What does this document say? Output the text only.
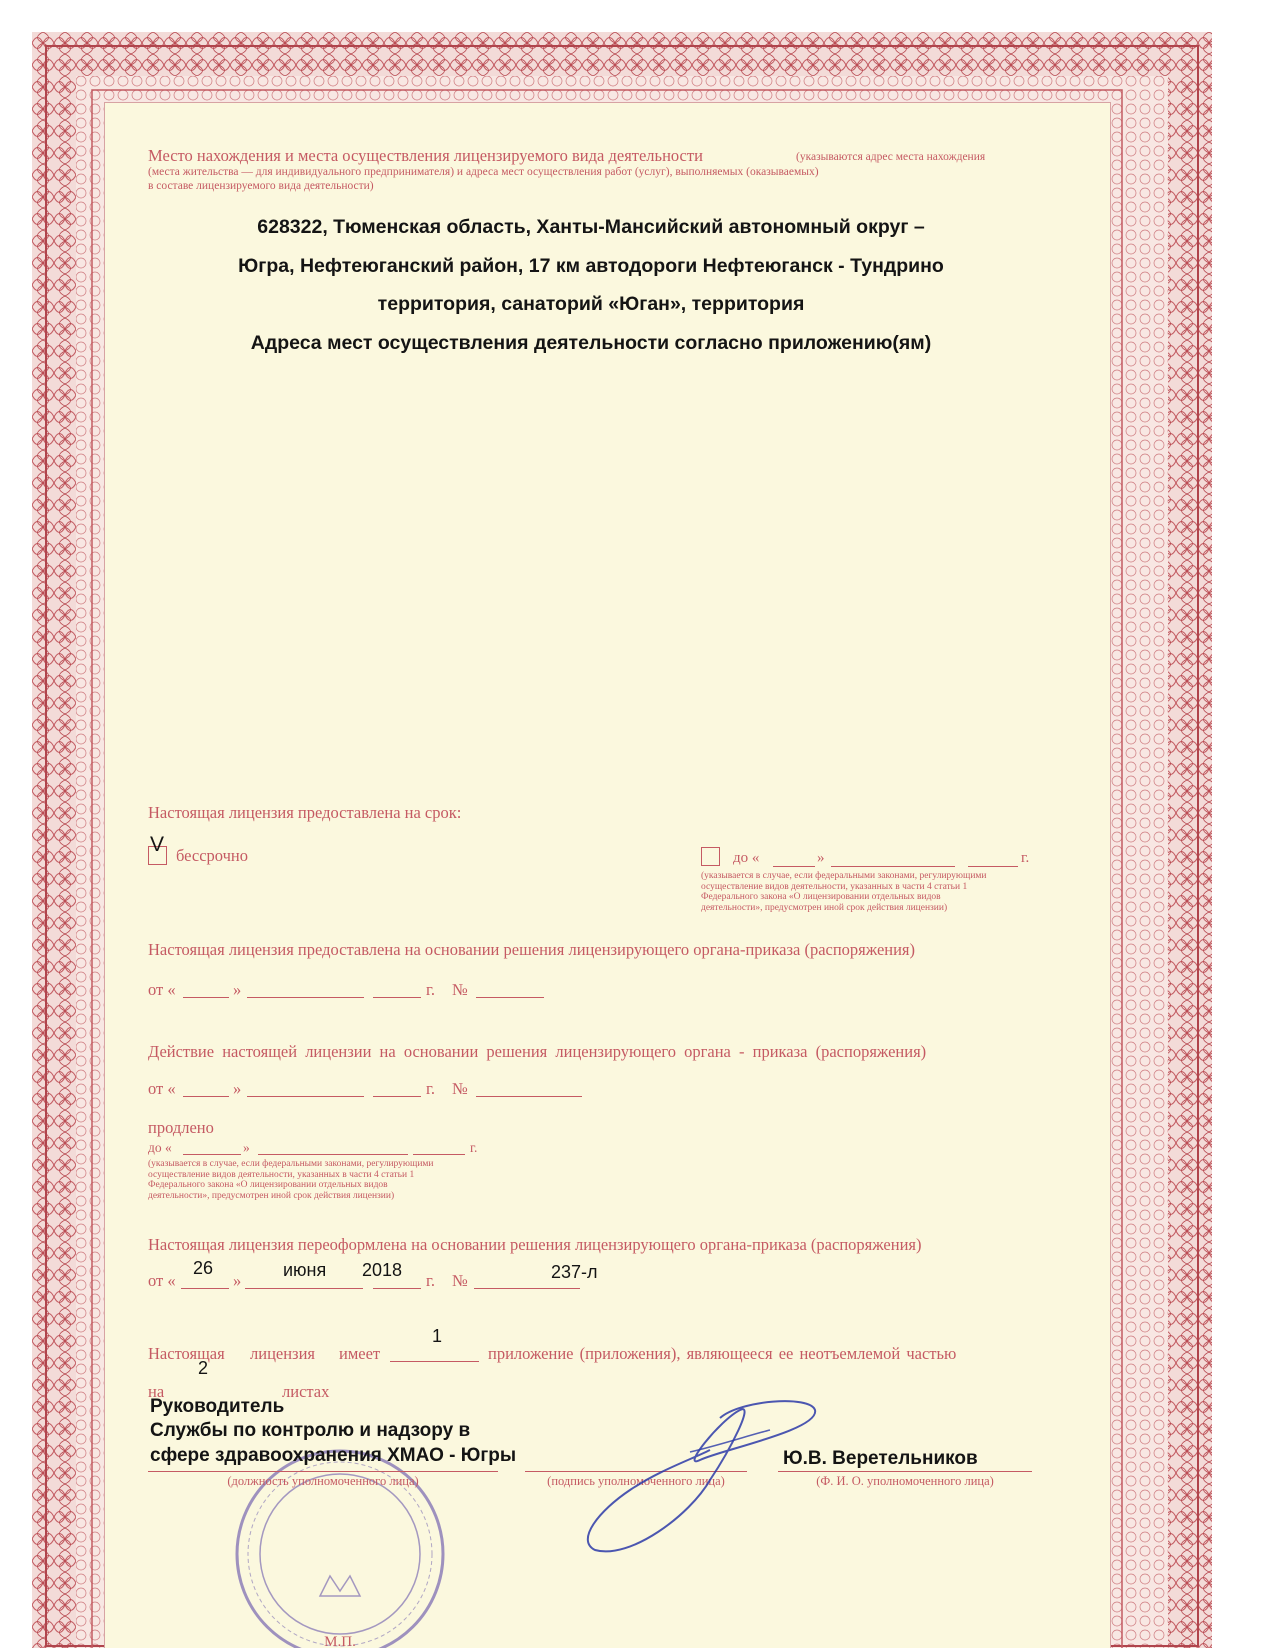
Место нахождения и места осуществления лицензируемого вида деятельности	(указываются адрес места нахождения
(места жительства — для индивидуального предпринимателя) и адреса мест осуществления работ (услуг), выполняемых (оказываемых)
в составе лицензируемого вида деятельности)
628322, Тюменская область, Ханты-Мансийский автономный округ –
Югра, Нефтеюганский район, 17 км автодороги Нефтеюганск - Тундрино
территория, санаторий «Юган», территория
Адреса мест осуществления деятельности согласно приложению(ям)
Настоящая лицензия предоставлена на срок:
V бессрочно	до «	»	г.
(указывается в случае, если федеральными законами, регулирующими
осуществление видов деятельности, указанных в части 4 статьи 1
Федерального закона «О лицензировании отдельных видов
деятельности», предусмотрен иной срок действия лицензии)
Настоящая лицензия предоставлена на основании решения лицензирующего органа-приказа (распоряжения)
от «	»	г. №
Действие настоящей лицензии на основании решения лицензирующего органа - приказа (распоряжения)
от «	»	г. №
продлено
до «	»	г.
(указывается в случае, если федеральными законами, регулирующими
осуществление видов деятельности, указанных в части 4 статьи 1
Федерального закона «О лицензировании отдельных видов
деятельности», предусмотрен иной срок действия лицензии)
Настоящая лицензия переоформлена на основании решения лицензирующего органа-приказа (распоряжения)
от «	»	г. №
26	июня 2018	237-л
Настоящая лицензия имеет	приложение (приложения), являющееся ее неотъемлемой частью
1
на
2
листах
М.П.
Руководитель
Службы по контролю и надзору в
сфере здравоохранения ХМАО - Югры
(должность уполномоченного лица)	(подпись уполномоченного лица)
Ю.В. Веретельников
(Ф. И. О. уполномоченного лица)
